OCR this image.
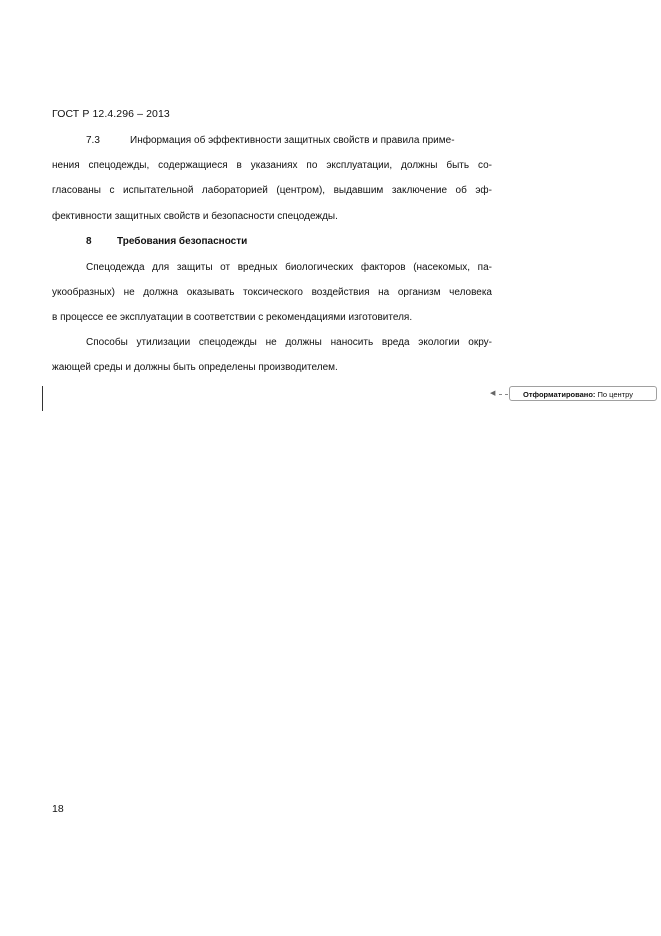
ГОСТ Р 12.4.296 – 2013
7.3	Информация об эффективности защитных свойств и правила приме-
нения спецодежды, содержащиеся в указаниях по эксплуатации, должны быть со-
гласованы с испытательной лабораторией (центром), выдавшим заключение об эф-
фективности защитных свойств и безопасности спецодежды.
8	Требования безопасности
Спецодежда для защиты от вредных биологических факторов (насекомых, па-
укообразных) не должна оказывать токсического воздействия на организм человека
в процессе ее эксплуатации в соответствии с рекомендациями изготовителя.
Способы утилизации спецодежды не должны наносить вреда экологии окру-
жающей среды и должны быть определены производителем.
◀	Отформатировано: По центру
18
